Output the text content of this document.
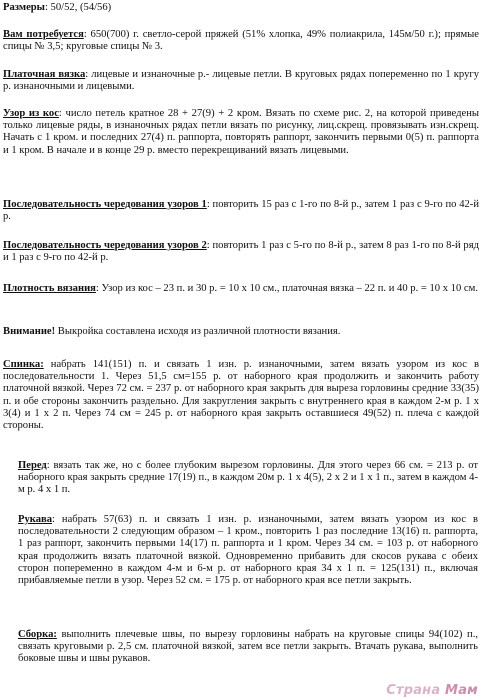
Размеры: 50/52, (54/56)

Вам потребуется: 650(700) г. светло-серой пряжей (51% хлопка, 49% полиакрила, 145м/50 г.); прямые спицы № 3,5; круговые спицы № 3.

Платочная вязка: лицевые и изнаночные р.- лицевые петли. В круговых рядах попеременно по 1 кругу р. изнаночными и лицевыми.

Узор из кос: число петель кратное 28 + 27(9) + 2 кром. Вязать по схеме рис. 2, на которой приведены только лицевые ряды, в изнаночных рядах петли вязать по рисунку, лиц.скрещ. провязывать изн.скрещ. Начать с 1 кром. и последних 27(4) п. раппорта, повторять раппорт, закончить первыми 0(5) п. раппорта и 1 кром. В начале и в конце 29 р. вместо перекрещиваний вязать лицевыми.

Последовательность чередования узоров 1: повторить 15 раз с 1-го по 8-й р., затем 1 раз с 9-го по 42-й р.

Последовательность чередования узоров 2: повторить 1 раз с 5-го по 8-й р., затем 8 раз 1-го по 8-й ряд и 1 раз с 9-го по 42-й р.

Плотность вязания: Узор из кос – 23 п. и 30 р. = 10 х 10 см., платочная вязка – 22 п. и 40 р. = 10 х 10 см.

Внимание! Выкройка составлена исходя из различной плотности вязания.

Спинка: набрать 141(151) п. и связать 1 изн. р. изнаночными, затем вязать узором из кос в последовательности 1. Через 51,5 см=155 р. от наборного края продолжить и закончить работу платочной вязкой. Через 72 см. = 237 р. от наборного края закрыть для выреза горловины средние 33(35) п. и обе стороны закончить раздельно. Для закругления закрыть с внутреннего края в каждом 2-м р. 1 х 3(4) и 1 х 2 п. Через 74 см = 245 р. от наборного края закрыть оставшиеся 49(52) п. плеча с каждой стороны.

Перед: вязать так же, но с более глубоким вырезом горловины. Для этого через 66 см. = 213 р. от наборного края закрыть средние 17(19) п., в каждом 20м р. 1 х 4(5), 2 х 2 и 1 х 1 п., затем в каждом 4-м р. 4 х 1 п.

Рукава: набрать 57(63) п. и связать 1 изн. р. изнаночными, затем вязать узором из кос в последовательности 2 следующим образом – 1 кром., повторить 1 раз последние 13(16) п. раппорта, 1 раз раппорт, закончить первыми 14(17) п. раппорта и 1 кром. Через 34 см. = 103 р. от наборного края продолжить вязать платочной вязкой. Одновременно прибавить для скосов рукава с обеих сторон попеременно в каждом 4-м и 6-м р. от наборного края 34 х 1 п. = 125(131) п., включая прибавляемые петли в узор. Через 52 см. = 175 р. от наборного края все петли закрыть.

Сборка: выполнить плечевые швы, по вырезу горловины набрать на круговые спицы 94(102) п., связать круговыми р. 2,5 см. платочной вязкой, затем все петли закрыть. Втачать рукава, выполнить боковые швы и швы рукавов.

Страна Мам
